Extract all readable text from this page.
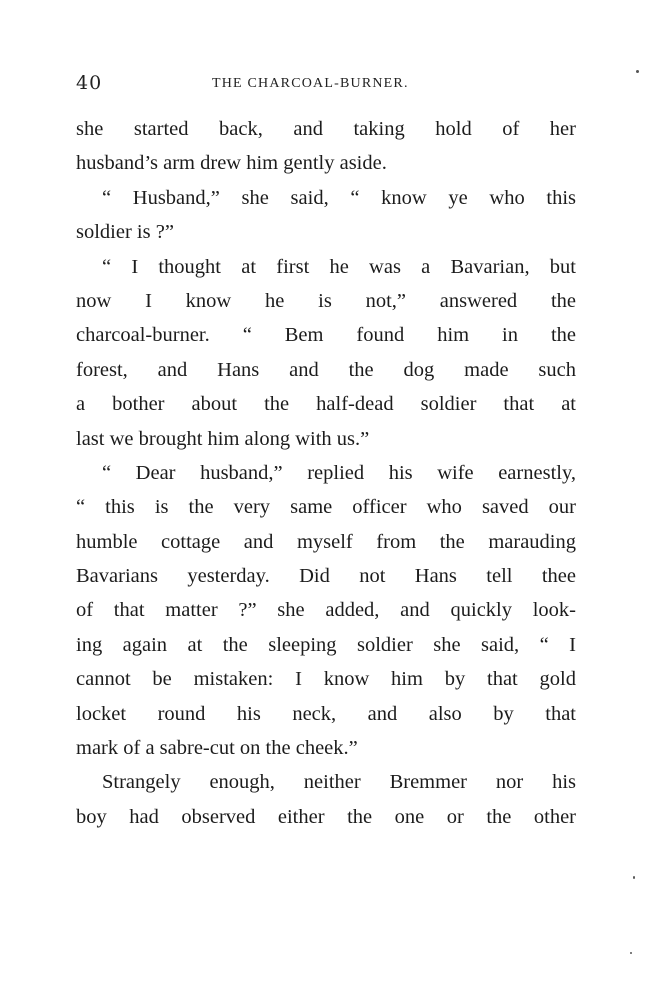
40	THE CHARCOAL-BURNER.
she started back, and taking hold of her
husband’s arm drew him gently aside.
“ Husband,” she said, “ know ye who this
soldier is ?”
“ I thought at first he was a Bavarian, but
now I know he is not,” answered the
charcoal-burner. “ Bem found him in the
forest, and Hans and the dog made such
a bother about the half-dead soldier that at
last we brought him along with us.”
“ Dear husband,” replied his wife earnestly,
“ this is the very same officer who saved our
humble cottage and myself from the marauding
Bavarians yesterday. Did not Hans tell thee
of that matter ?” she added, and quickly look-
ing again at the sleeping soldier she said, “ I
cannot be mistaken: I know him by that gold
locket round his neck, and also by that
mark of a sabre-cut on the cheek.”
Strangely enough, neither Bremmer nor his
boy had observed either the one or the other
